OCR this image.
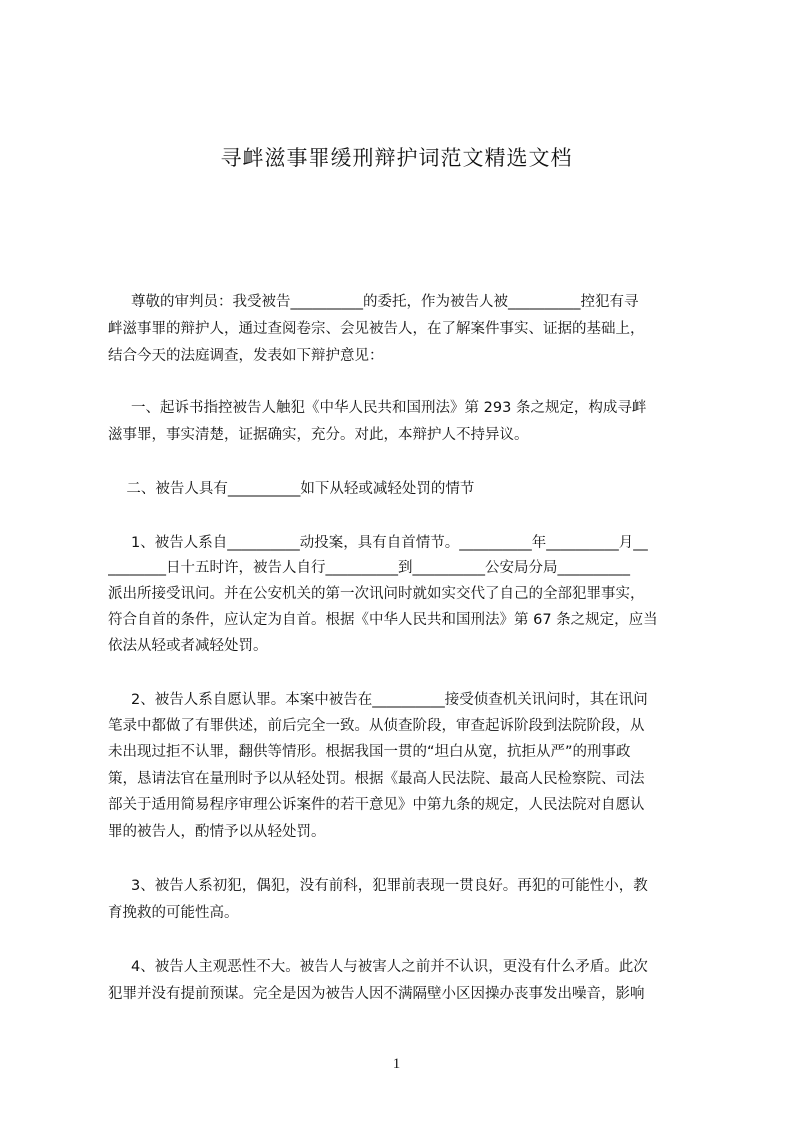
寻衅滋事罪缓刑辩护词范文精选文档
尊敬的审判员：我受被告__________的委托，作为被告人被__________控犯有寻
衅滋事罪的辩护人，通过查阅卷宗、会见被告人，在了解案件事实、证据的基础上，
结合今天的法庭调查，发表如下辩护意见：
一、起诉书指控被告人触犯《中华人民共和国刑法》第 293 条之规定，构成寻衅
滋事罪，事实清楚，证据确实，充分。对此，本辩护人不持异议。
二、被告人具有__________如下从轻或减轻处罚的情节
1、被告人系自__________动投案，具有自首情节。__________年__________月__
________日十五时许，被告人自行__________到__________公安局分局__________
派出所接受讯问。并在公安机关的第一次讯问时就如实交代了自己的全部犯罪事实，
符合自首的条件，应认定为自首。根据《中华人民共和国刑法》第 67 条之规定，应当
依法从轻或者减轻处罚。
2、被告人系自愿认罪。本案中被告在__________接受侦查机关讯问时，其在讯问
笔录中都做了有罪供述，前后完全一致。从侦查阶段，审查起诉阶段到法院阶段，从
未出现过拒不认罪，翻供等情形。根据我国一贯的“坦白从宽，抗拒从严”的刑事政
策，恳请法官在量刑时予以从轻处罚。根据《最高人民法院、最高人民检察院、司法
部关于适用简易程序审理公诉案件的若干意见》中第九条的规定，人民法院对自愿认
罪的被告人，酌情予以从轻处罚。
3、被告人系初犯，偶犯，没有前科，犯罪前表现一贯良好。再犯的可能性小，教
育挽救的可能性高。
4、被告人主观恶性不大。被告人与被害人之前并不认识，更没有什么矛盾。此次
犯罪并没有提前预谋。完全是因为被告人因不满隔壁小区因操办丧事发出噪音，影响
1
